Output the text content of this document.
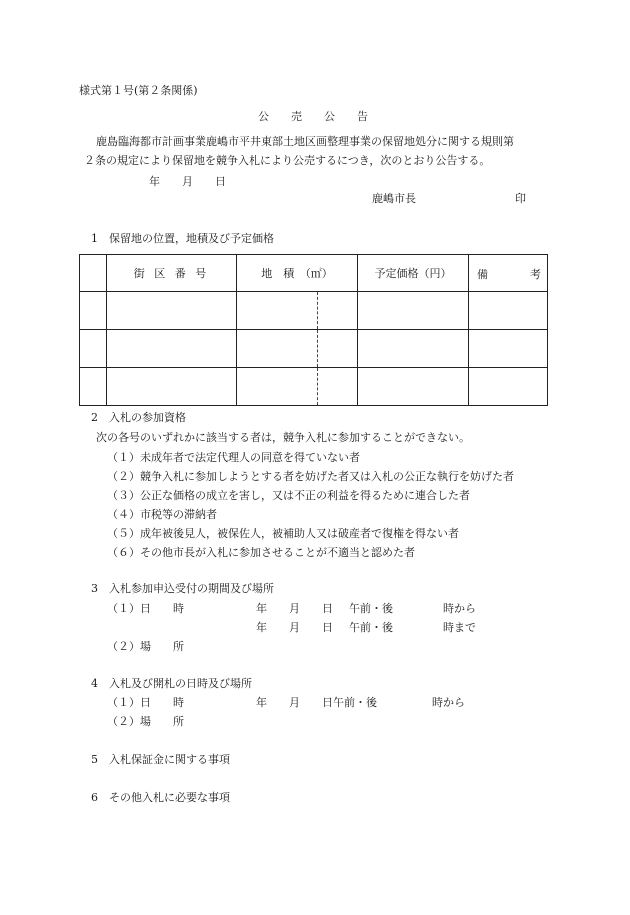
様式第１号(第２条関係)
公　　売　　公　　告
鹿島臨海都市計画事業鹿嶋市平井東部土地区画整理事業の保留地処分に関する規則第
２条の規定により保留地を競争入札により公売するにつき，次のとおり公告する。
年　　月　　日
鹿嶋市長	印
1　保留地の位置，地積及び予定価格
	街 区 番 号	地　積　（㎡）	予定価格（円）	備 考

2　入札の参加資格
次の各号のいずれかに該当する者は，競争入札に参加することができない。
（１）未成年者で法定代理人の同意を得ていない者
（２）競争入札に参加しようとする者を妨げた者又は入札の公正な執行を妨げた者
（３）公正な価格の成立を害し，又は不正の利益を得るために連合した者
（４）市税等の滞納者
（５）成年被後見人，被保佐人，被補助人又は破産者で復権を得ない者
（６）その他市長が入札に参加させることが不適当と認めた者
3　入札参加申込受付の期間及び場所
（１）日　　時	年　　月　　日 午前・後	時から
年　　月　　日 午前・後	時まで
（２）場　　所
4　入札及び開札の日時及び場所
（１）日　　時	年　　月　　日午前・後	時から
（２）場　　所
5　入札保証金に関する事項
6　その他入札に必要な事項
